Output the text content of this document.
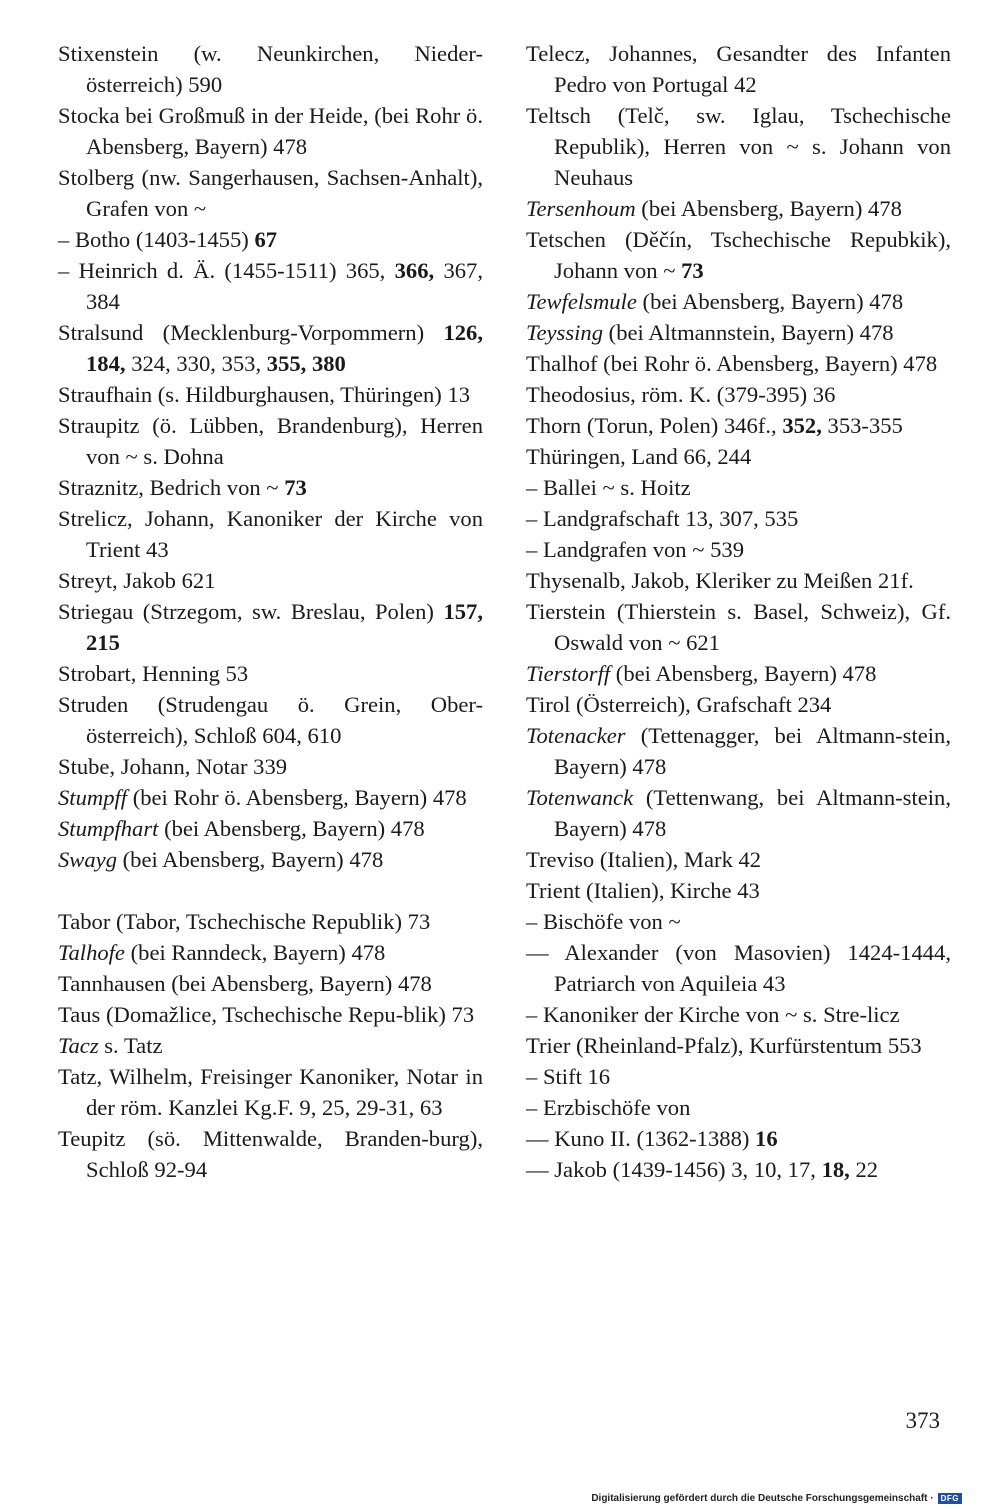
Stixenstein (w. Neunkirchen, Nieder-österreich) 590

Stocka bei Großmuß in der Heide, (bei Rohr ö. Abensberg, Bayern) 478

Stolberg (nw. Sangerhausen, Sachsen-Anhalt), Grafen von ~

– Botho (1403-1455) 67

– Heinrich d. Ä. (1455-1511) 365, 366, 367, 384

Stralsund (Mecklenburg-Vorpommern) 126, 184, 324, 330, 353, 355, 380

Straufhain (s. Hildburghausen, Thüringen) 13

Straupitz (ö. Lübben, Brandenburg), Herren von ~ s. Dohna

Straznitz, Bedrich von ~ 73

Strelicz, Johann, Kanoniker der Kirche von Trient 43

Streyt, Jakob 621

Striegau (Strzegom, sw. Breslau, Polen) 157, 215

Strobart, Henning 53

Struden (Strudengau ö. Grein, Ober-österreich), Schloß 604, 610

Stube, Johann, Notar 339

Stumpff (bei Rohr ö. Abensberg, Bayern) 478

Stumpfhart (bei Abensberg, Bayern) 478

Swayg (bei Abensberg, Bayern) 478

Tabor (Tabor, Tschechische Republik) 73

Talhofe (bei Ranndeck, Bayern) 478

Tannhausen (bei Abensberg, Bayern) 478

Taus (Domažlice, Tschechische Repu-blik) 73

Tacz s. Tatz

Tatz, Wilhelm, Freisinger Kanoniker, Notar in der röm. Kanzlei Kg.F. 9, 25, 29-31, 63

Teupitz (sö. Mittenwalde, Branden-burg), Schloß 92-94

Telecz, Johannes, Gesandter des Infanten Pedro von Portugal 42

Teltsch (Telč, sw. Iglau, Tschechische Republik), Herren von ~ s. Johann von Neuhaus

Tersenhoum (bei Abensberg, Bayern) 478

Tetschen (Děčín, Tschechische Repubkik), Johann von ~ 73

Tewfelsmule (bei Abensberg, Bayern) 478

Teyssing (bei Altmannstein, Bayern) 478

Thalhof (bei Rohr ö. Abensberg, Bayern) 478

Theodosius, röm. K. (379-395) 36

Thorn (Torun, Polen) 346f., 352, 353-355

Thüringen, Land 66, 244

– Ballei ~ s. Hoitz

– Landgrafschaft 13, 307, 535

– Landgrafen von ~ 539

Thysenalb, Jakob, Kleriker zu Meißen 21f.

Tierstein (Thierstein s. Basel, Schweiz), Gf. Oswald von ~ 621

Tierstorff (bei Abensberg, Bayern) 478

Tirol (Österreich), Grafschaft 234

Totenacker (Tettenagger, bei Altmann-stein, Bayern) 478

Totenwanck (Tettenwang, bei Altmann-stein, Bayern) 478

Treviso (Italien), Mark 42

Trient (Italien), Kirche 43

– Bischöfe von ~

–– Alexander (von Masovien) 1424-1444, Patriarch von Aquileia 43

– Kanoniker der Kirche von ~ s. Stre-licz

Trier (Rheinland-Pfalz), Kurfürstentum 553

– Stift 16

– Erzbischöfe von

–– Kuno II. (1362-1388) 16

–– Jakob (1439-1456) 3, 10, 17, 18, 22

373
Digitalisierung gefördert durch die Deutsche Forschungsgemeinschaft · DFG
